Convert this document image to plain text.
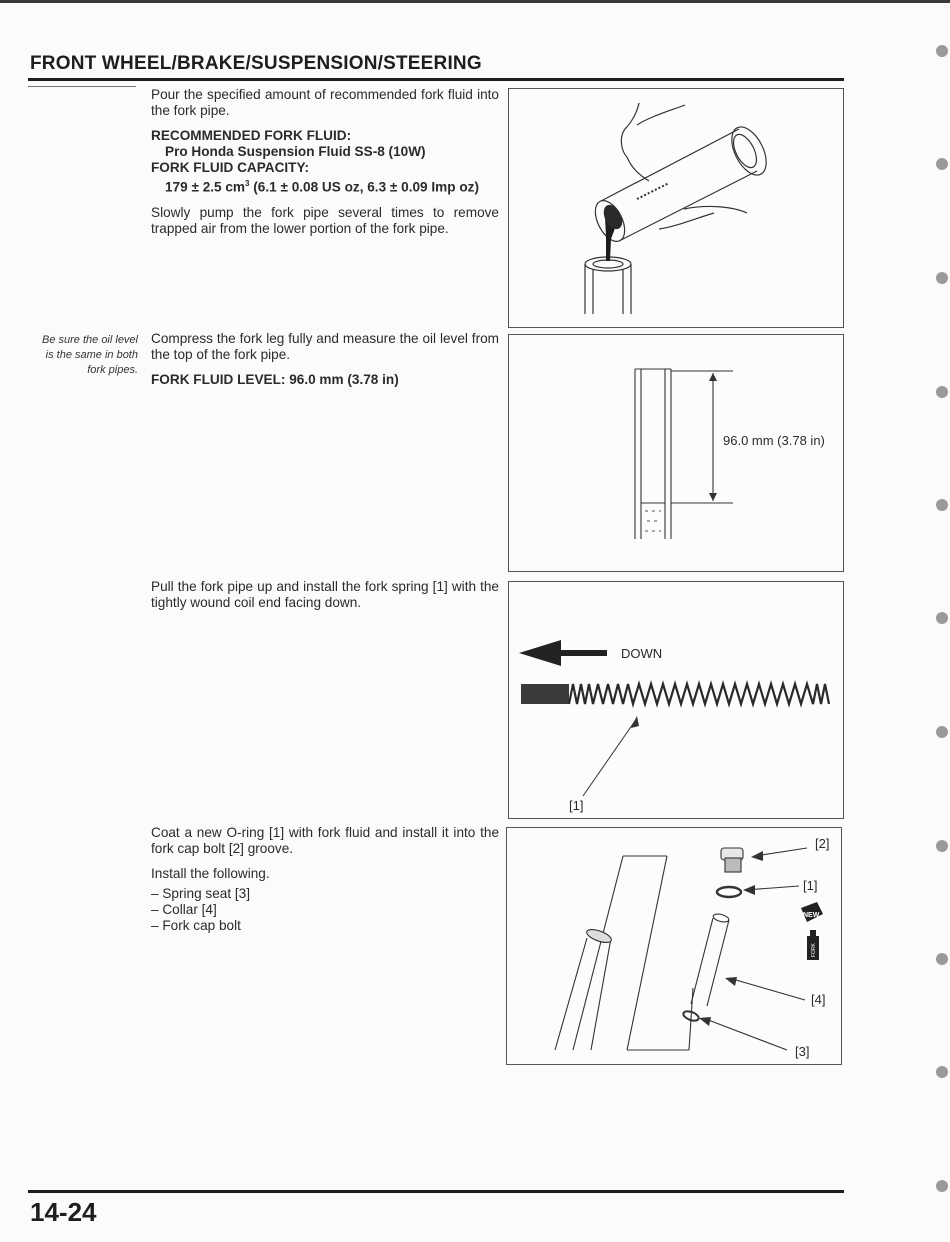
FRONT WHEEL/BRAKE/SUSPENSION/STEERING

Pour the specified amount of recommended fork fluid into the fork pipe.

RECOMMENDED FORK FLUID:
Pro Honda Suspension Fluid SS-8 (10W)
FORK FLUID CAPACITY:
179 ± 2.5 $cm^3$ (6.1 ± 0.08 US oz, 6.3 ± 0.09 Imp oz)

Slowly pump the fork pipe several times to remove trapped air from the lower portion of the fork pipe.

Be sure the oil level
is the same in both
fork pipes.

Compress the fork leg fully and measure the oil level from the top of the fork pipe.

FORK FLUID LEVEL: 96.0 mm (3.78 in)
96.0 mm (3.78 in)

Pull the fork pipe up and install the fork spring [1] with the tightly wound coil end facing down.

DOWN
[1]

Coat a new O-ring [1] with fork fluid and install it into the fork cap bolt [2] groove.

Install the following.

– Spring seat [3]
– Collar [4]
– Fork cap bolt
NEW
FORK
[2]
[1]
[4]
[3]
14-24
